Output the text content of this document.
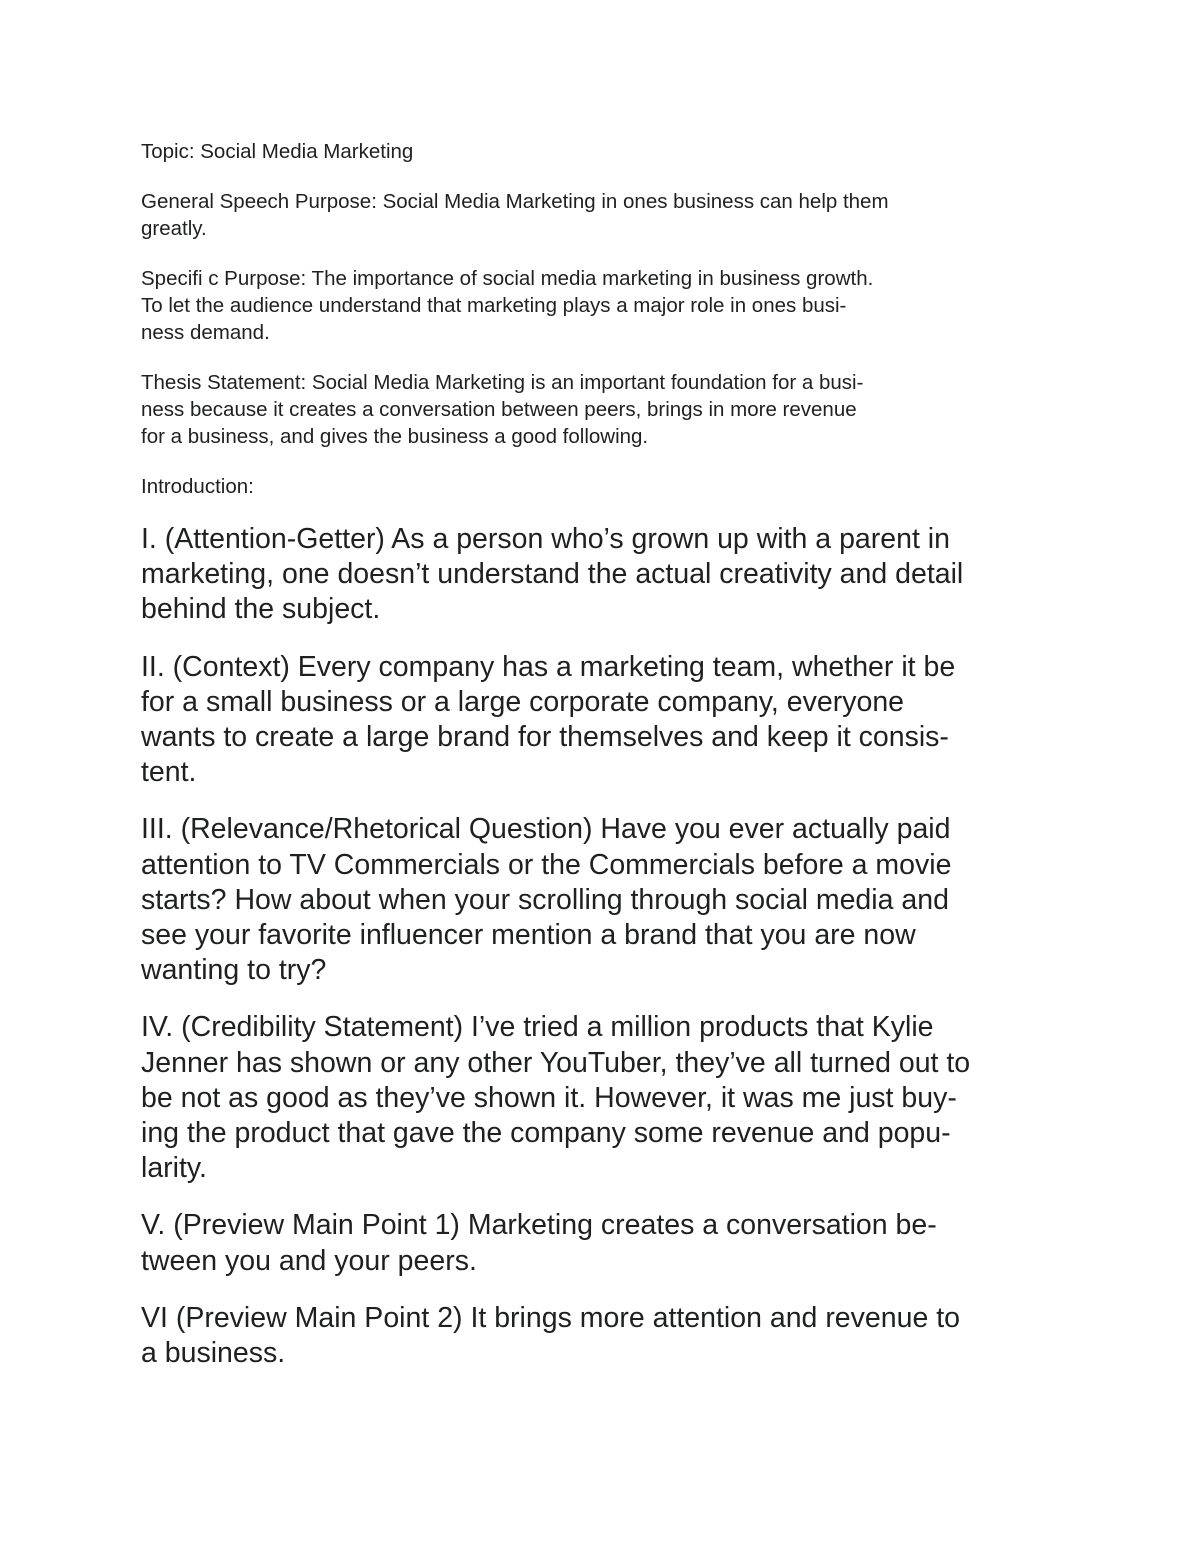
Topic: Social Media Marketing

General Speech Purpose: Social Media Marketing in ones business can help them
greatly.

Specifi c Purpose: The importance of social media marketing in business growth.
To let the audience understand that marketing plays a major role in ones busi-
ness demand.

Thesis Statement: Social Media Marketing is an important foundation for a busi-
ness because it creates a conversation between peers, brings in more revenue
for a business, and gives the business a good following.

Introduction:

I. (Attention-Getter) As a person who’s grown up with a parent in
marketing, one doesn’t understand the actual creativity and detail
behind the subject.

II. (Context) Every company has a marketing team, whether it be
for a small business or a large corporate company, everyone
wants to create a large brand for themselves and keep it consis-
tent.

III. (Relevance/Rhetorical Question) Have you ever actually paid
attention to TV Commercials or the Commercials before a movie
starts? How about when your scrolling through social media and
see your favorite influencer mention a brand that you are now
wanting to try?

IV. (Credibility Statement) I’ve tried a million products that Kylie
Jenner has shown or any other YouTuber, they’ve all turned out to
be not as good as they’ve shown it. However, it was me just buy-
ing the product that gave the company some revenue and popu-
larity.

V. (Preview Main Point 1) Marketing creates a conversation be-
tween you and your peers.

VI (Preview Main Point 2) It brings more attention and revenue to
a business.
